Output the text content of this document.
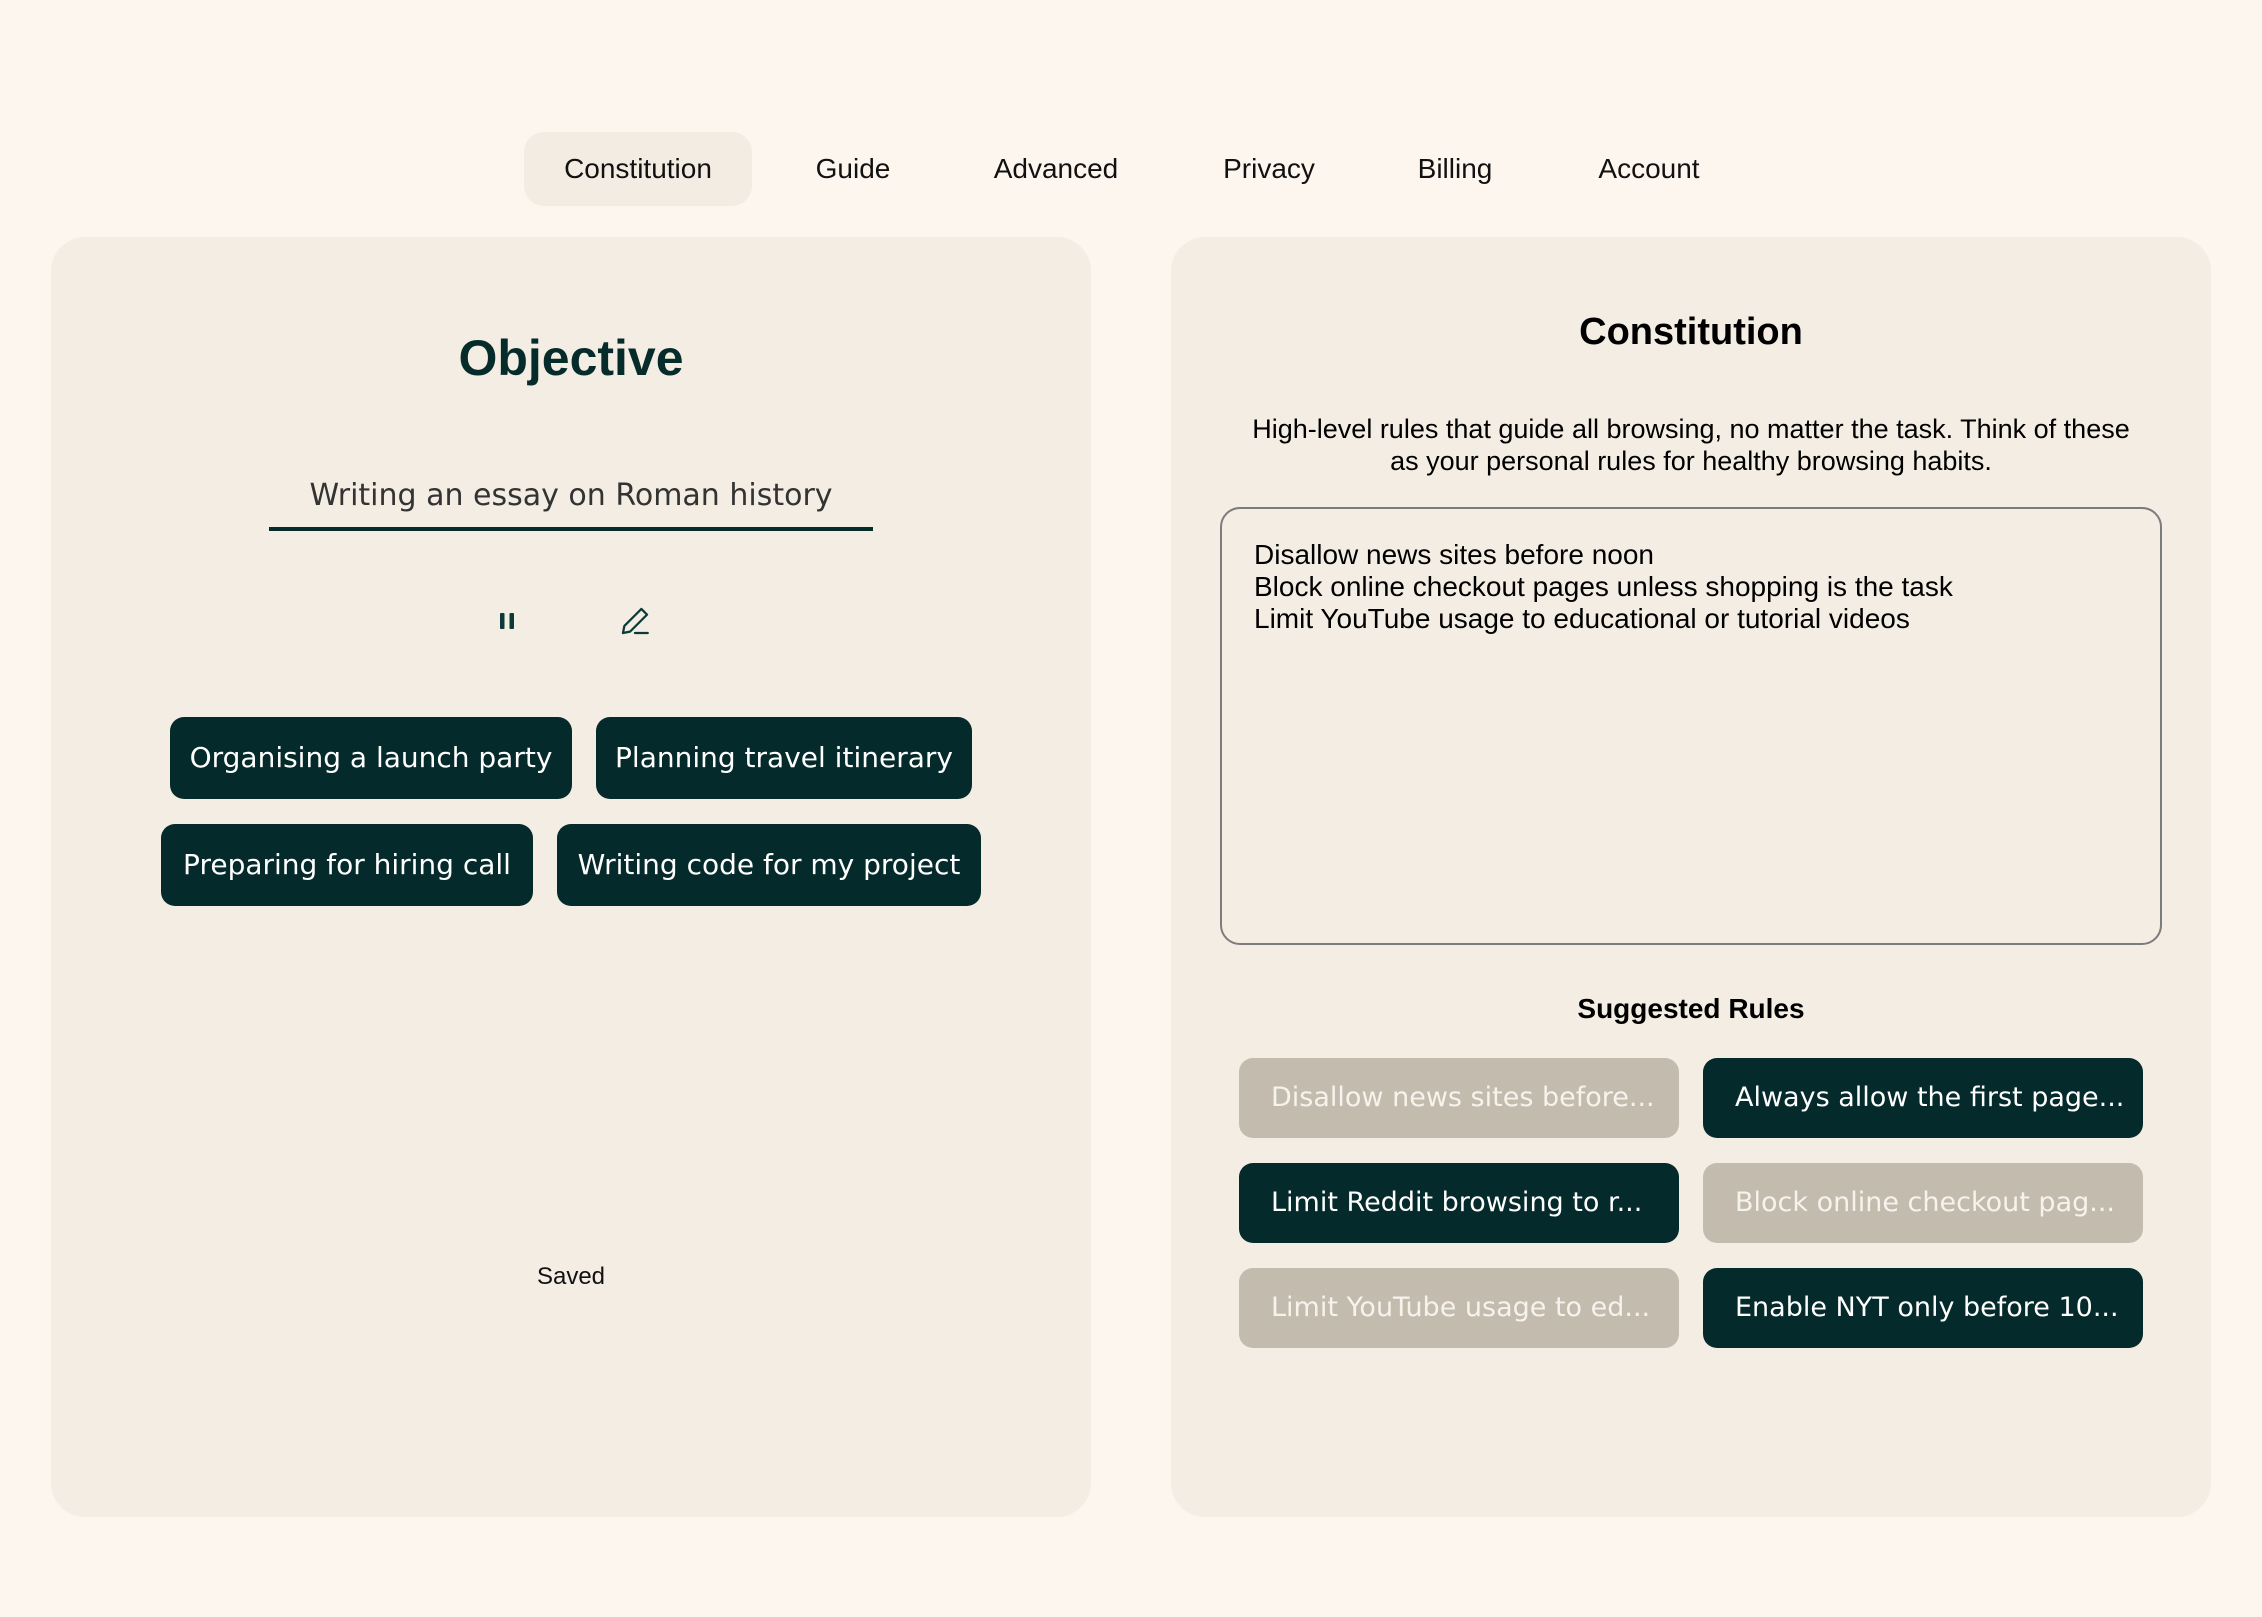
Constitution	Guide	Advanced	Privacy	Billing	Account
Objective
Writing an essay on Roman history
Organising a launch party	Planning travel itinerary
Preparing for hiring call	Writing code for my project
Saved
Constitution
High-level rules that guide all browsing, no matter the task. Think of these as your personal rules for healthy browsing habits.
Disallow news sites before noon
Block online checkout pages unless shopping is the task
Limit YouTube usage to educational or tutorial videos
Suggested Rules
Disallow news sites before...	Always allow the first page...
Limit Reddit browsing to r...	Block online checkout pag...
Limit YouTube usage to ed...	Enable NYT only before 10...
